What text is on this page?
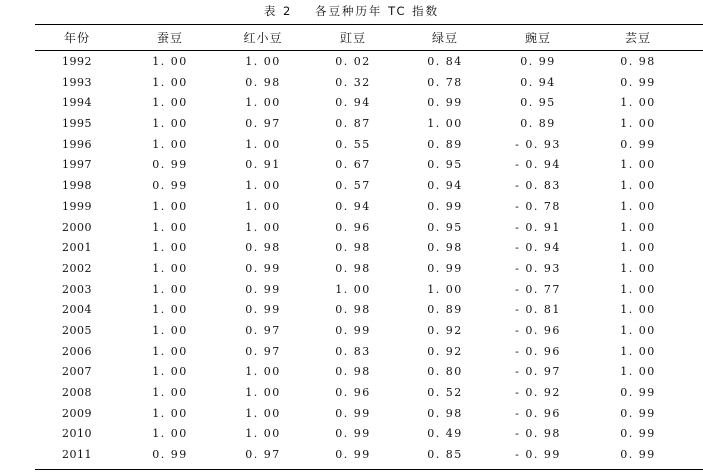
表 2    各豆种历年 TC 指数
年份	蚕豆	红小豆	豇豆	绿豆	豌豆	芸豆
1992	1. 00	1. 00	0. 02	0. 84	0. 99	0. 98
1993	1. 00	0. 98	0. 32	0. 78	0. 94	0. 99
1994	1. 00	1. 00	0. 94	0. 99	0. 95	1. 00
1995	1. 00	0. 97	0. 87	1. 00	0. 89	1. 00
1996	1. 00	1. 00	0. 55	0. 89	- 0. 93	0. 99
1997	0. 99	0. 91	0. 67	0. 95	- 0. 94	1. 00
1998	0. 99	1. 00	0. 57	0. 94	- 0. 83	1. 00
1999	1. 00	1. 00	0. 94	0. 99	- 0. 78	1. 00
2000	1. 00	1. 00	0. 96	0. 95	- 0. 91	1. 00
2001	1. 00	0. 98	0. 98	0. 98	- 0. 94	1. 00
2002	1. 00	0. 99	0. 98	0. 99	- 0. 93	1. 00
2003	1. 00	0. 99	1. 00	1. 00	- 0. 77	1. 00
2004	1. 00	0. 99	0. 98	0. 89	- 0. 81	1. 00
2005	1. 00	0. 97	0. 99	0. 92	- 0. 96	1. 00
2006	1. 00	0. 97	0. 83	0. 92	- 0. 96	1. 00
2007	1. 00	1. 00	0. 98	0. 80	- 0. 97	1. 00
2008	1. 00	1. 00	0. 96	0. 52	- 0. 92	0. 99
2009	1. 00	1. 00	0. 99	0. 98	- 0. 96	0. 99
2010	1. 00	1. 00	0. 99	0. 49	- 0. 98	0. 99
2011	0. 99	0. 97	0. 99	0. 85	- 0. 99	0. 99
